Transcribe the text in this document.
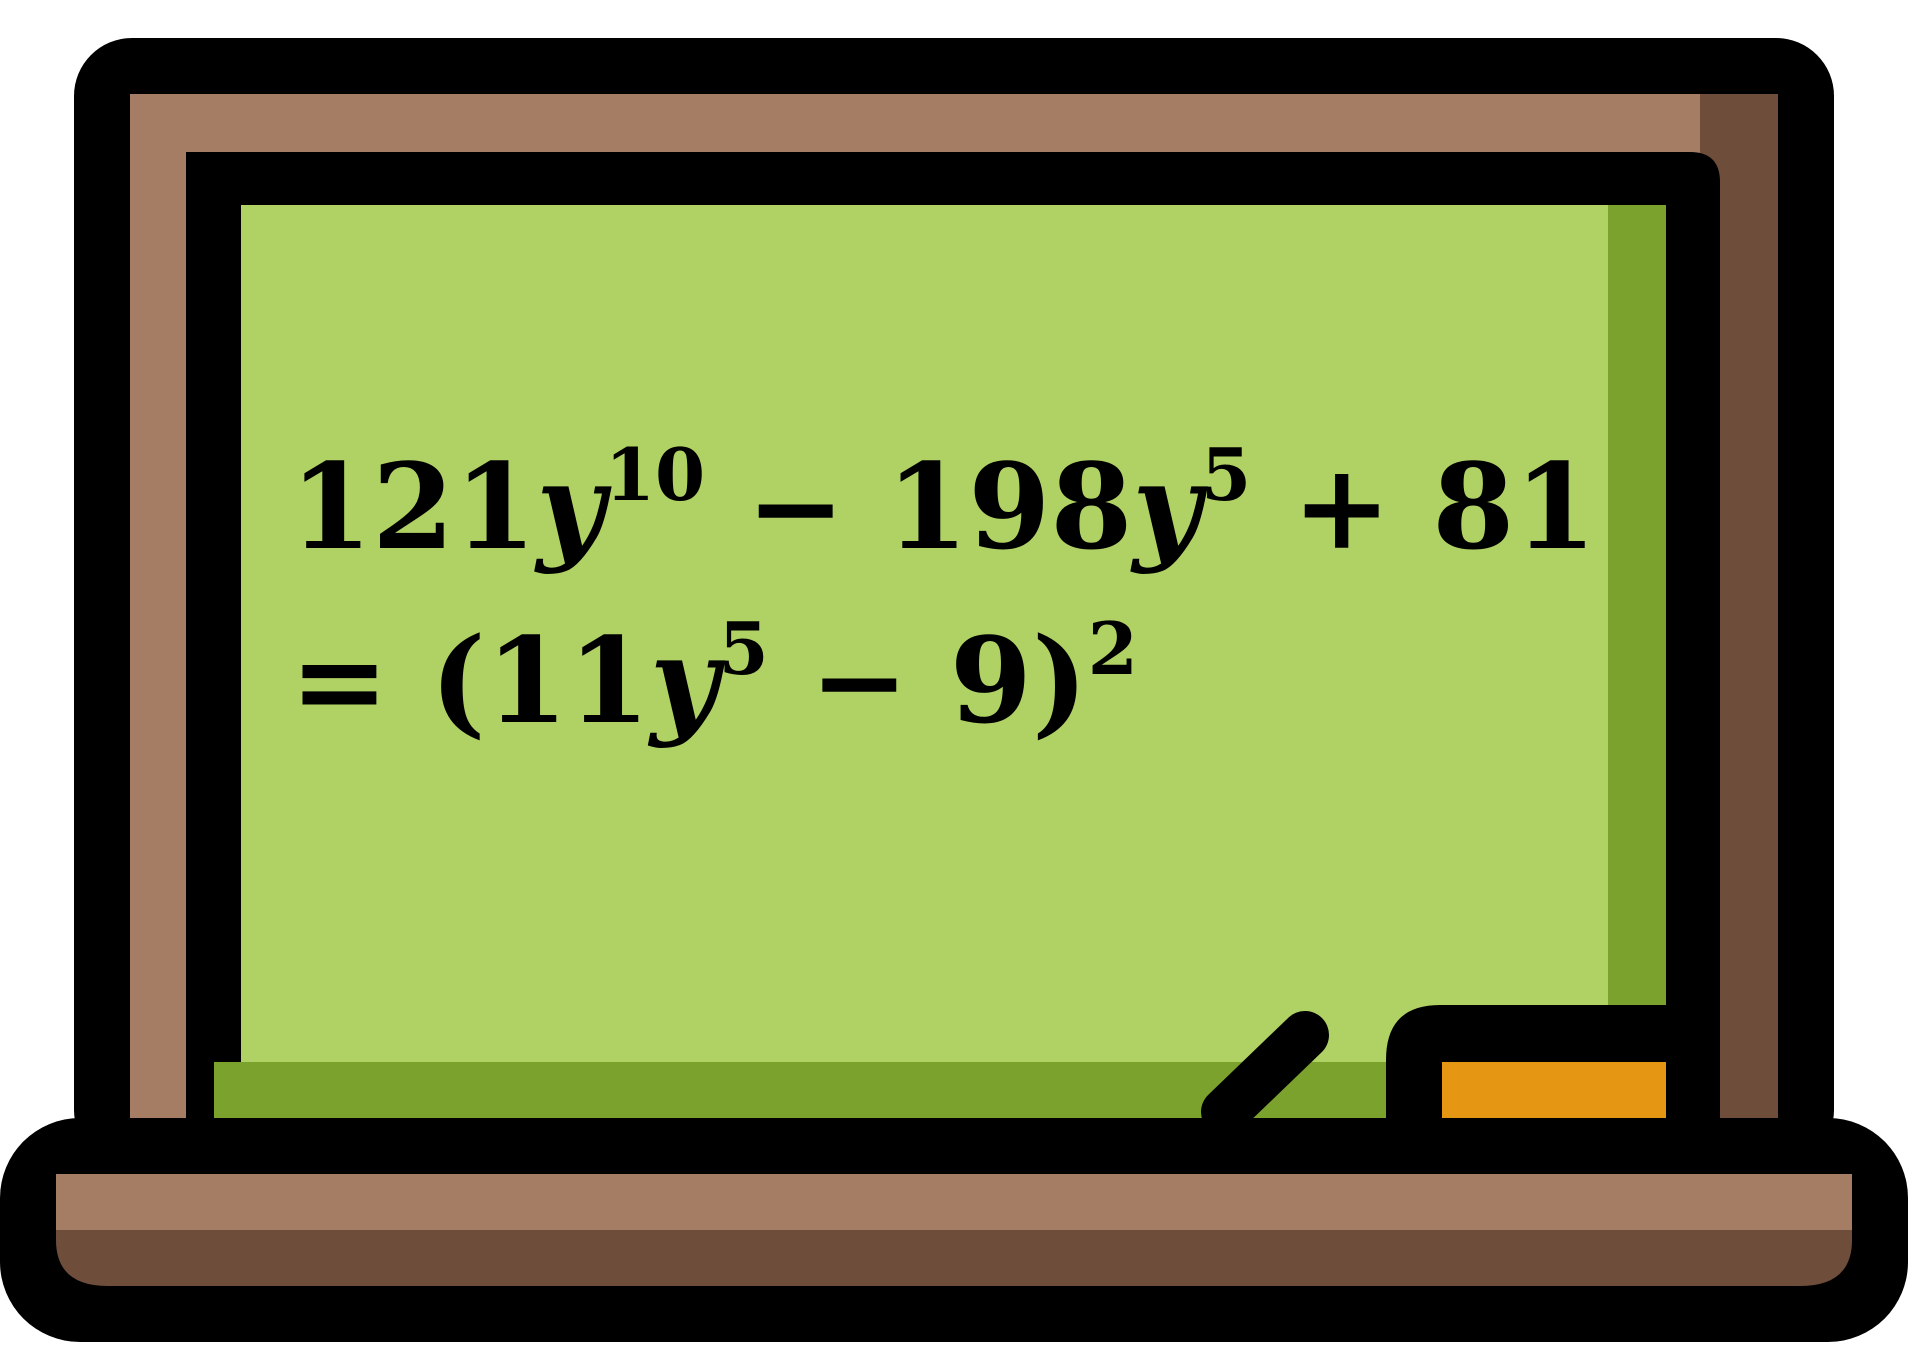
$121y^{10} - 198y^5 + 81$
= $(11y^5 - 9)^2$
